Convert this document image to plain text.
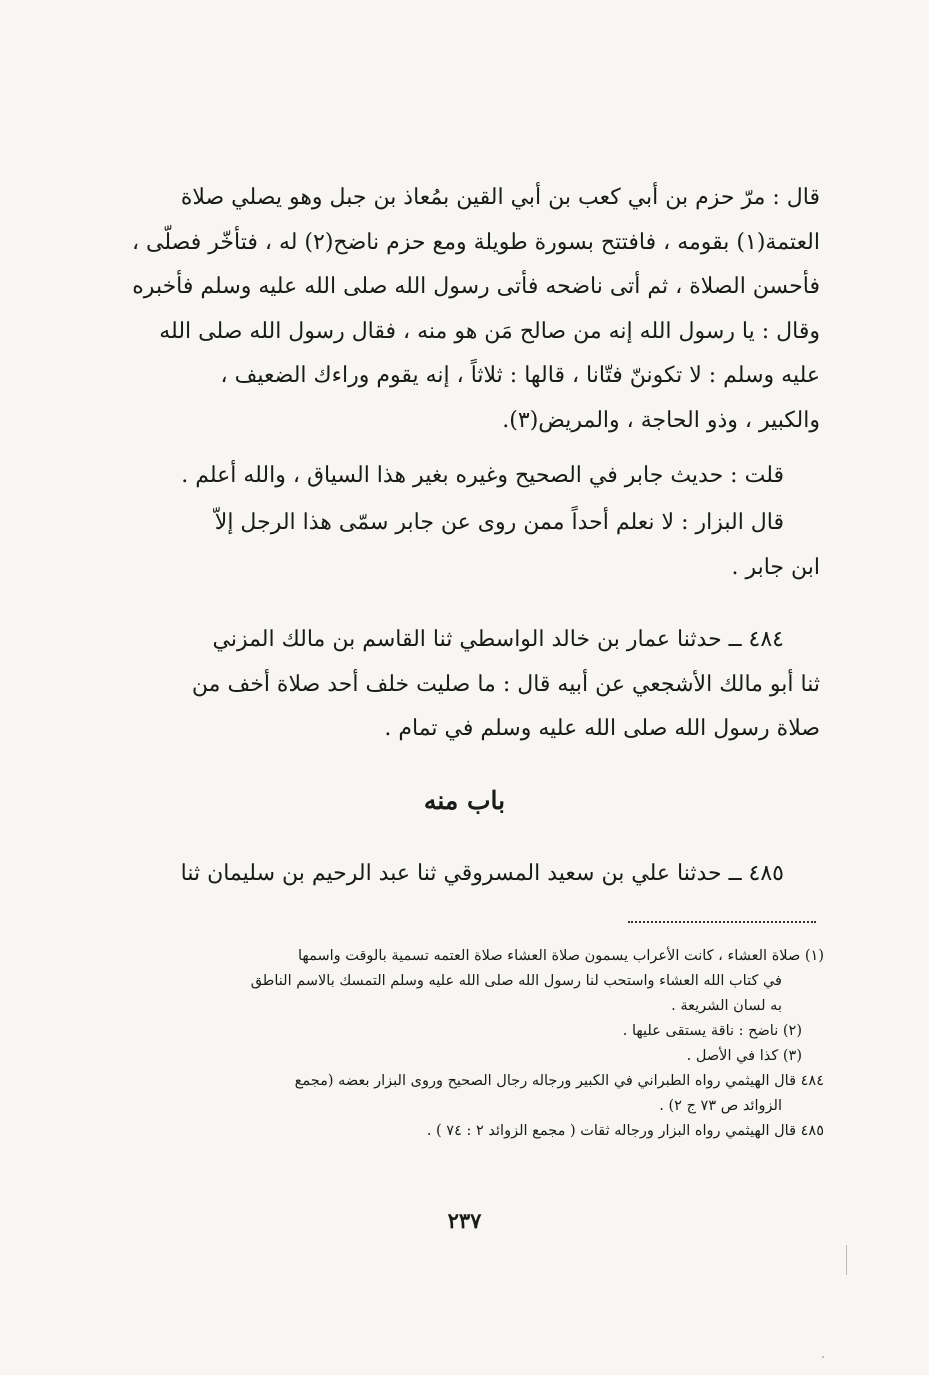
قال : مرّ حزم بن أبي كعب بن أبي القين بمُعاذ بن جبل وهو يصلي صلاة

العتمة(١) بقومه ، فافتتح بسورة طويلة ومع حزم ناضح(٢) له ، فتأخّر فصلّى ،

فأحسن الصلاة ، ثم أتى ناضحه فأتى رسول الله صلى الله عليه وسلم فأخبره

وقال : يا رسول الله إنه من صالح مَن هو منه ، فقال رسول الله صلى الله

عليه وسلم : لا تكوننّ فتّانا ، قالها : ثلاثاً ، إنه يقوم وراءك الضعيف ،

والكبير ، وذو الحاجة ، والمريض(٣).

قلت : حديث جابر في الصحيح وغيره بغير هذا السياق ، والله أعلم .

قال البزار : لا نعلم أحداً ممن روى عن جابر سمّى هذا الرجل إلاّ

ابن جابر .

٤٨٤ ــ حدثنا عمار بن خالد الواسطي ثنا القاسم بن مالك المزني

ثنا أبو مالك الأشجعي عن أبيه قال : ما صليت خلف أحد صلاة أخف من

صلاة رسول الله صلى الله عليه وسلم في تمام .

باب منه

٤٨٥ ــ حدثنا علي بن سعيد المسروقي ثنا عبد الرحيم بن سليمان ثنا

(١) صلاة العشاء ، كانت الأعراب يسمون صلاة العشاء صلاة العتمه تسمية بالوقت واسمها

في كتاب الله العشاء واستحب لنا رسول الله صلى الله عليه وسلم التمسك بالاسم الناطق

به لسان الشريعة .

(٢) ناضح : ناقة يستقى عليها .

(٣) كذا في الأصل .

٤٨٤ قال الهيثمي رواه الطبراني في الكبير ورجاله رجال الصحيح وروى البزار بعضه (مجمع

الزوائد ص ٧٣ ج ٢) .

٤٨٥ قال الهيثمي رواه البزار ورجاله ثقات ( مجمع الزوائد ٢ : ٧٤ ) .

٢٣٧
